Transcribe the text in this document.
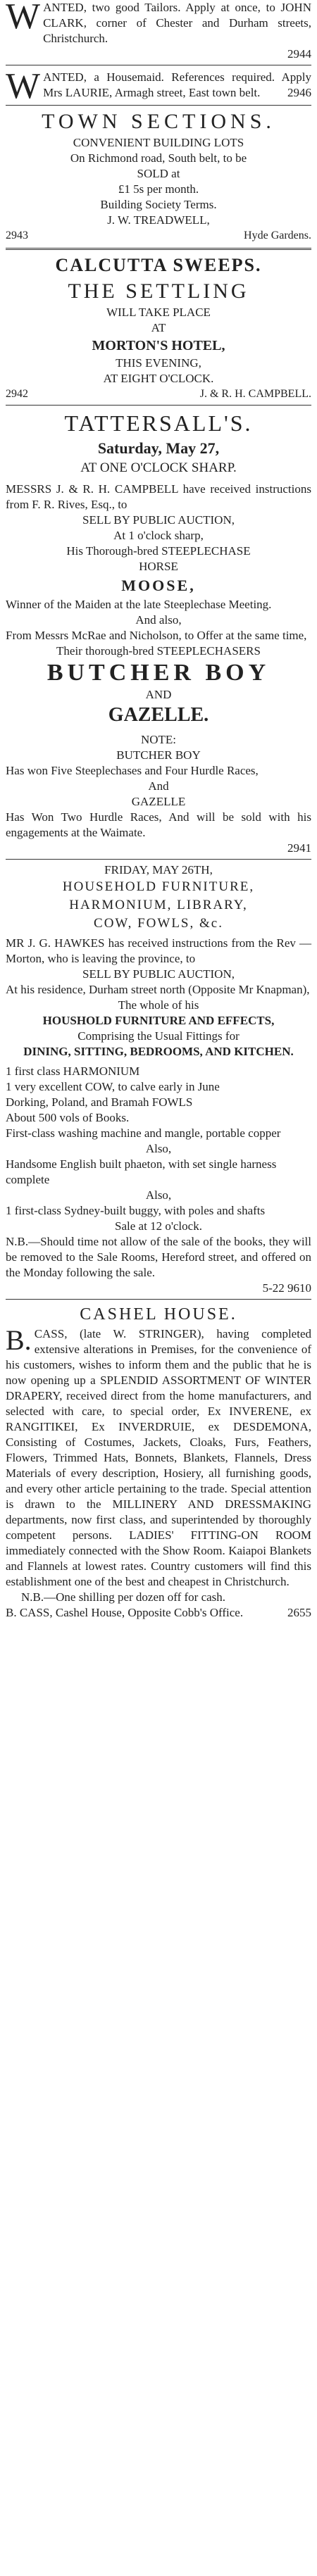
WANTED, two good Tailors. Apply at once, to JOHN CLARK, corner of Chester and Durham streets, Christchurch.

2944

WANTED, a Housemaid. References required. Apply Mrs LAURIE, Armagh street, East town belt. 2946

TOWN SECTIONS.

CONVENIENT BUILDING LOTS

On Richmond road, South belt, to be

SOLD at

£1 5s per month.

Building Society Terms.

J. W. TREADWELL,

2943	Hyde Gardens.

CALCUTTA SWEEPS.

THE SETTLING

WILL TAKE PLACE

AT

MORTON'S HOTEL,

THIS EVENING,

AT EIGHT O'CLOCK.

2942	J. & R. H. CAMPBELL.

TATTERSALL'S.

Saturday, May 27,

AT ONE O'CLOCK SHARP.

MESSRS J. & R. H. CAMPBELL have received instructions from F. R. Rives, Esq., to

SELL BY PUBLIC AUCTION,

At 1 o'clock sharp,

His Thorough-bred STEEPLECHASE

HORSE

MOOSE,

Winner of the Maiden at the late Steeplechase Meeting.

And also,

From Messrs McRae and Nicholson, to Offer at the same time,

Their thorough-bred STEEPLECHASERS

BUTCHER BOY

AND

GAZELLE.

NOTE:

BUTCHER BOY

Has won Five Steeplechases and Four Hurdle Races,

And

GAZELLE

Has Won Two Hurdle Races, And will be sold with his engagements at the Waimate.

2941

FRIDAY, MAY 26TH,

HOUSEHOLD FURNITURE,

HARMONIUM, LIBRARY,

COW, FOWLS, &c.

MR J. G. HAWKES has received instructions from the Rev — Morton, who is leaving the province, to

SELL BY PUBLIC AUCTION,

At his residence, Durham street north (Opposite Mr Knapman),

The whole of his

HOUSHOLD FURNITURE AND EFFECTS,

Comprising the Usual Fittings for

DINING, SITTING, BEDROOMS, AND KITCHEN.

1 first class HARMONIUM

1 very excellent COW, to calve early in June

Dorking, Poland, and Bramah FOWLS

About 500 vols of Books.

First-class washing machine and mangle, portable copper

Also,

Handsome English built phaeton, with set single harness complete

Also,

1 first-class Sydney-built buggy, with poles and shafts

Sale at 12 o'clock.

N.B.—Should time not allow of the sale of the books, they will be removed to the Sale Rooms, Hereford street, and offered on the Monday following the sale.

5-22 9610

CASHEL HOUSE.

B. CASS, (late W. STRINGER), having completed extensive alterations in Premises, for the convenience of his customers, wishes to inform them and the public that he is now opening up a SPLENDID ASSORTMENT OF WINTER DRAPERY, received direct from the home manufacturers, and selected with care, to special order, Ex INVERENE, ex RANGITIKEI, Ex INVERDRUIE, ex DESDEMONA, Consisting of Costumes, Jackets, Cloaks, Furs, Feathers, Flowers, Trimmed Hats, Bonnets, Blankets, Flannels, Dress Materials of every description, Hosiery, all furnishing goods, and every other article pertaining to the trade. Special attention is drawn to the MILLINERY AND DRESSMAKING departments, now first class, and superintended by thoroughly competent persons. LADIES' FITTING-ON ROOM immediately connected with the Show Room. Kaiapoi Blankets and Flannels at lowest rates. Country customers will find this establishment one of the best and cheapest in Christchurch.

N.B.—One shilling per dozen off for cash.

B. CASS, Cashel House, Opposite Cobb's Office.	2655
